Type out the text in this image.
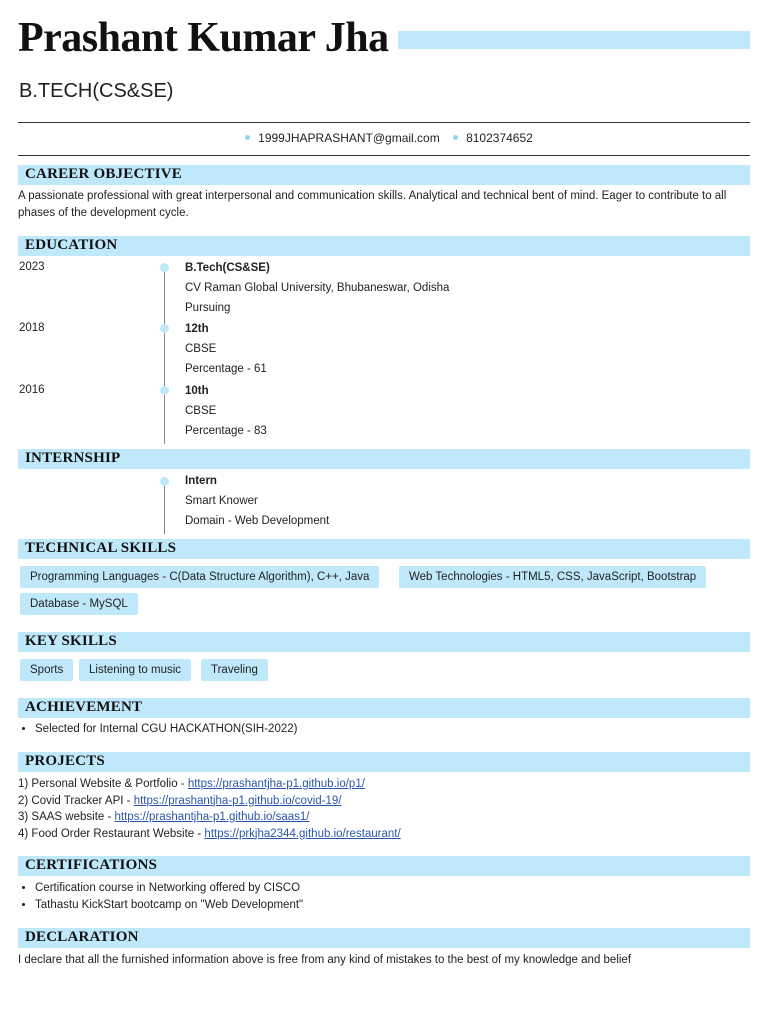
Prashant Kumar Jha
B.TECH(CS&SE)
1999JHAPRASHANT@gmail.com 8102374652
CAREER OBJECTIVE
A passionate professional with great interpersonal and communication skills. Analytical and technical bent of mind. Eager to contribute to all phases of the development cycle.
EDUCATION
2023	B.Tech(CS&SE)
CV Raman Global University, Bhubaneswar, Odisha
Pursuing
2018	12th
CBSE
Percentage - 61
2016	10th
CBSE
Percentage - 83
INTERNSHIP
Intern
Smart Knower
Domain - Web Development
TECHNICAL SKILLS
Programming Languages - C(Data Structure Algorithm), C++, Java	Web Technologies - HTML5, CSS, JavaScript, Bootstrap
Database - MySQL
KEY SKILLS
Sports	Listening to music	Traveling
ACHIEVEMENT
• Selected for Internal CGU HACKATHON(SIH-2022)
PROJECTS
1) Personal Website & Portfolio - https://prashantjha-p1.github.io/p1/
2) Covid Tracker API - https://prashantjha-p1.github.io/covid-19/
3) SAAS website - https://prashantjha-p1.github.io/saas1/
4) Food Order Restaurant Website - https://prkjha2344.github.io/restaurant/
CERTIFICATIONS
• Certification course in Networking offered by CISCO
• Tathastu KickStart bootcamp on "Web Development"
DECLARATION
I declare that all the furnished information above is free from any kind of mistakes to the best of my knowledge and belief
